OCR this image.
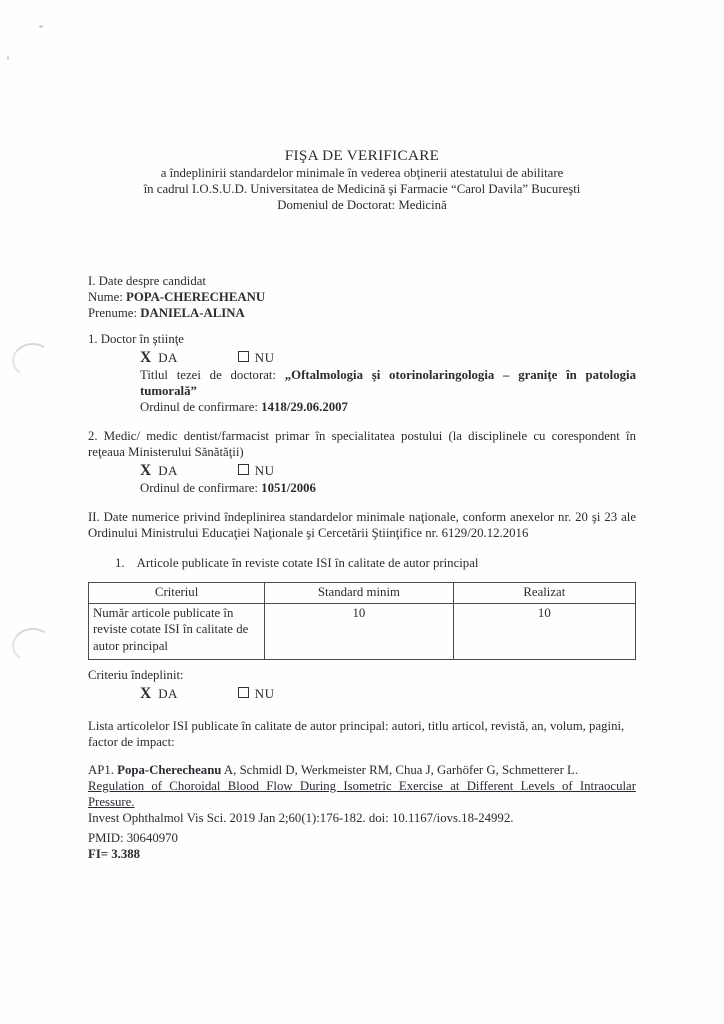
FIŞA DE VERIFICARE

a îndeplinirii standardelor minimale în vederea obţinerii atestatului de abilitare

în cadrul I.O.S.U.D. Universitatea de Medicină şi Farmacie “Carol Davila” Bucureşti

Domeniul de Doctorat: Medicină

I. Date despre candidat

Nume: POPA-CHERECHEANU

Prenume: DANIELA-ALINA

1. Doctor în ştiinţe

X DA	NU

Titlul tezei de doctorat: „Oftalmologia şi otorinolaringologia – graniţe în patologia tumorală”

Ordinul de confirmare: 1418/29.06.2007

2. Medic/ medic dentist/farmacist primar în specialitatea postului (la disciplinele cu corespondent în reţeaua Ministerului Sănătăţii)

X DA	NU

Ordinul de confirmare: 1051/2006

II. Date numerice privind îndeplinirea standardelor minimale naţionale, conform anexelor nr. 20 şi 23 ale Ordinului Ministrului Educaţiei Naţionale şi Cercetării Ştiinţifice nr. 6129/20.12.2016

1. Articole publicate în reviste cotate ISI în calitate de autor principal

Criteriul	Standard minim	Realizat
Număr articole publicate în reviste cotate ISI în calitate de autor principal	10	10

Criteriu îndeplinit:

X DA	NU

Lista articolelor ISI publicate în calitate de autor principal: autori, titlu articol, revistă, an, volum, pagini, factor de impact:

AP1. Popa-Cherecheanu A, Schmidl D, Werkmeister RM, Chua J, Garhöfer G, Schmetterer L.
Regulation of Choroidal Blood Flow During Isometric Exercise at Different Levels of Intraocular Pressure.

Invest Ophthalmol Vis Sci. 2019 Jan 2;60(1):176-182. doi: 10.1167/iovs.18-24992.

PMID: 30640970

FI= 3.388
